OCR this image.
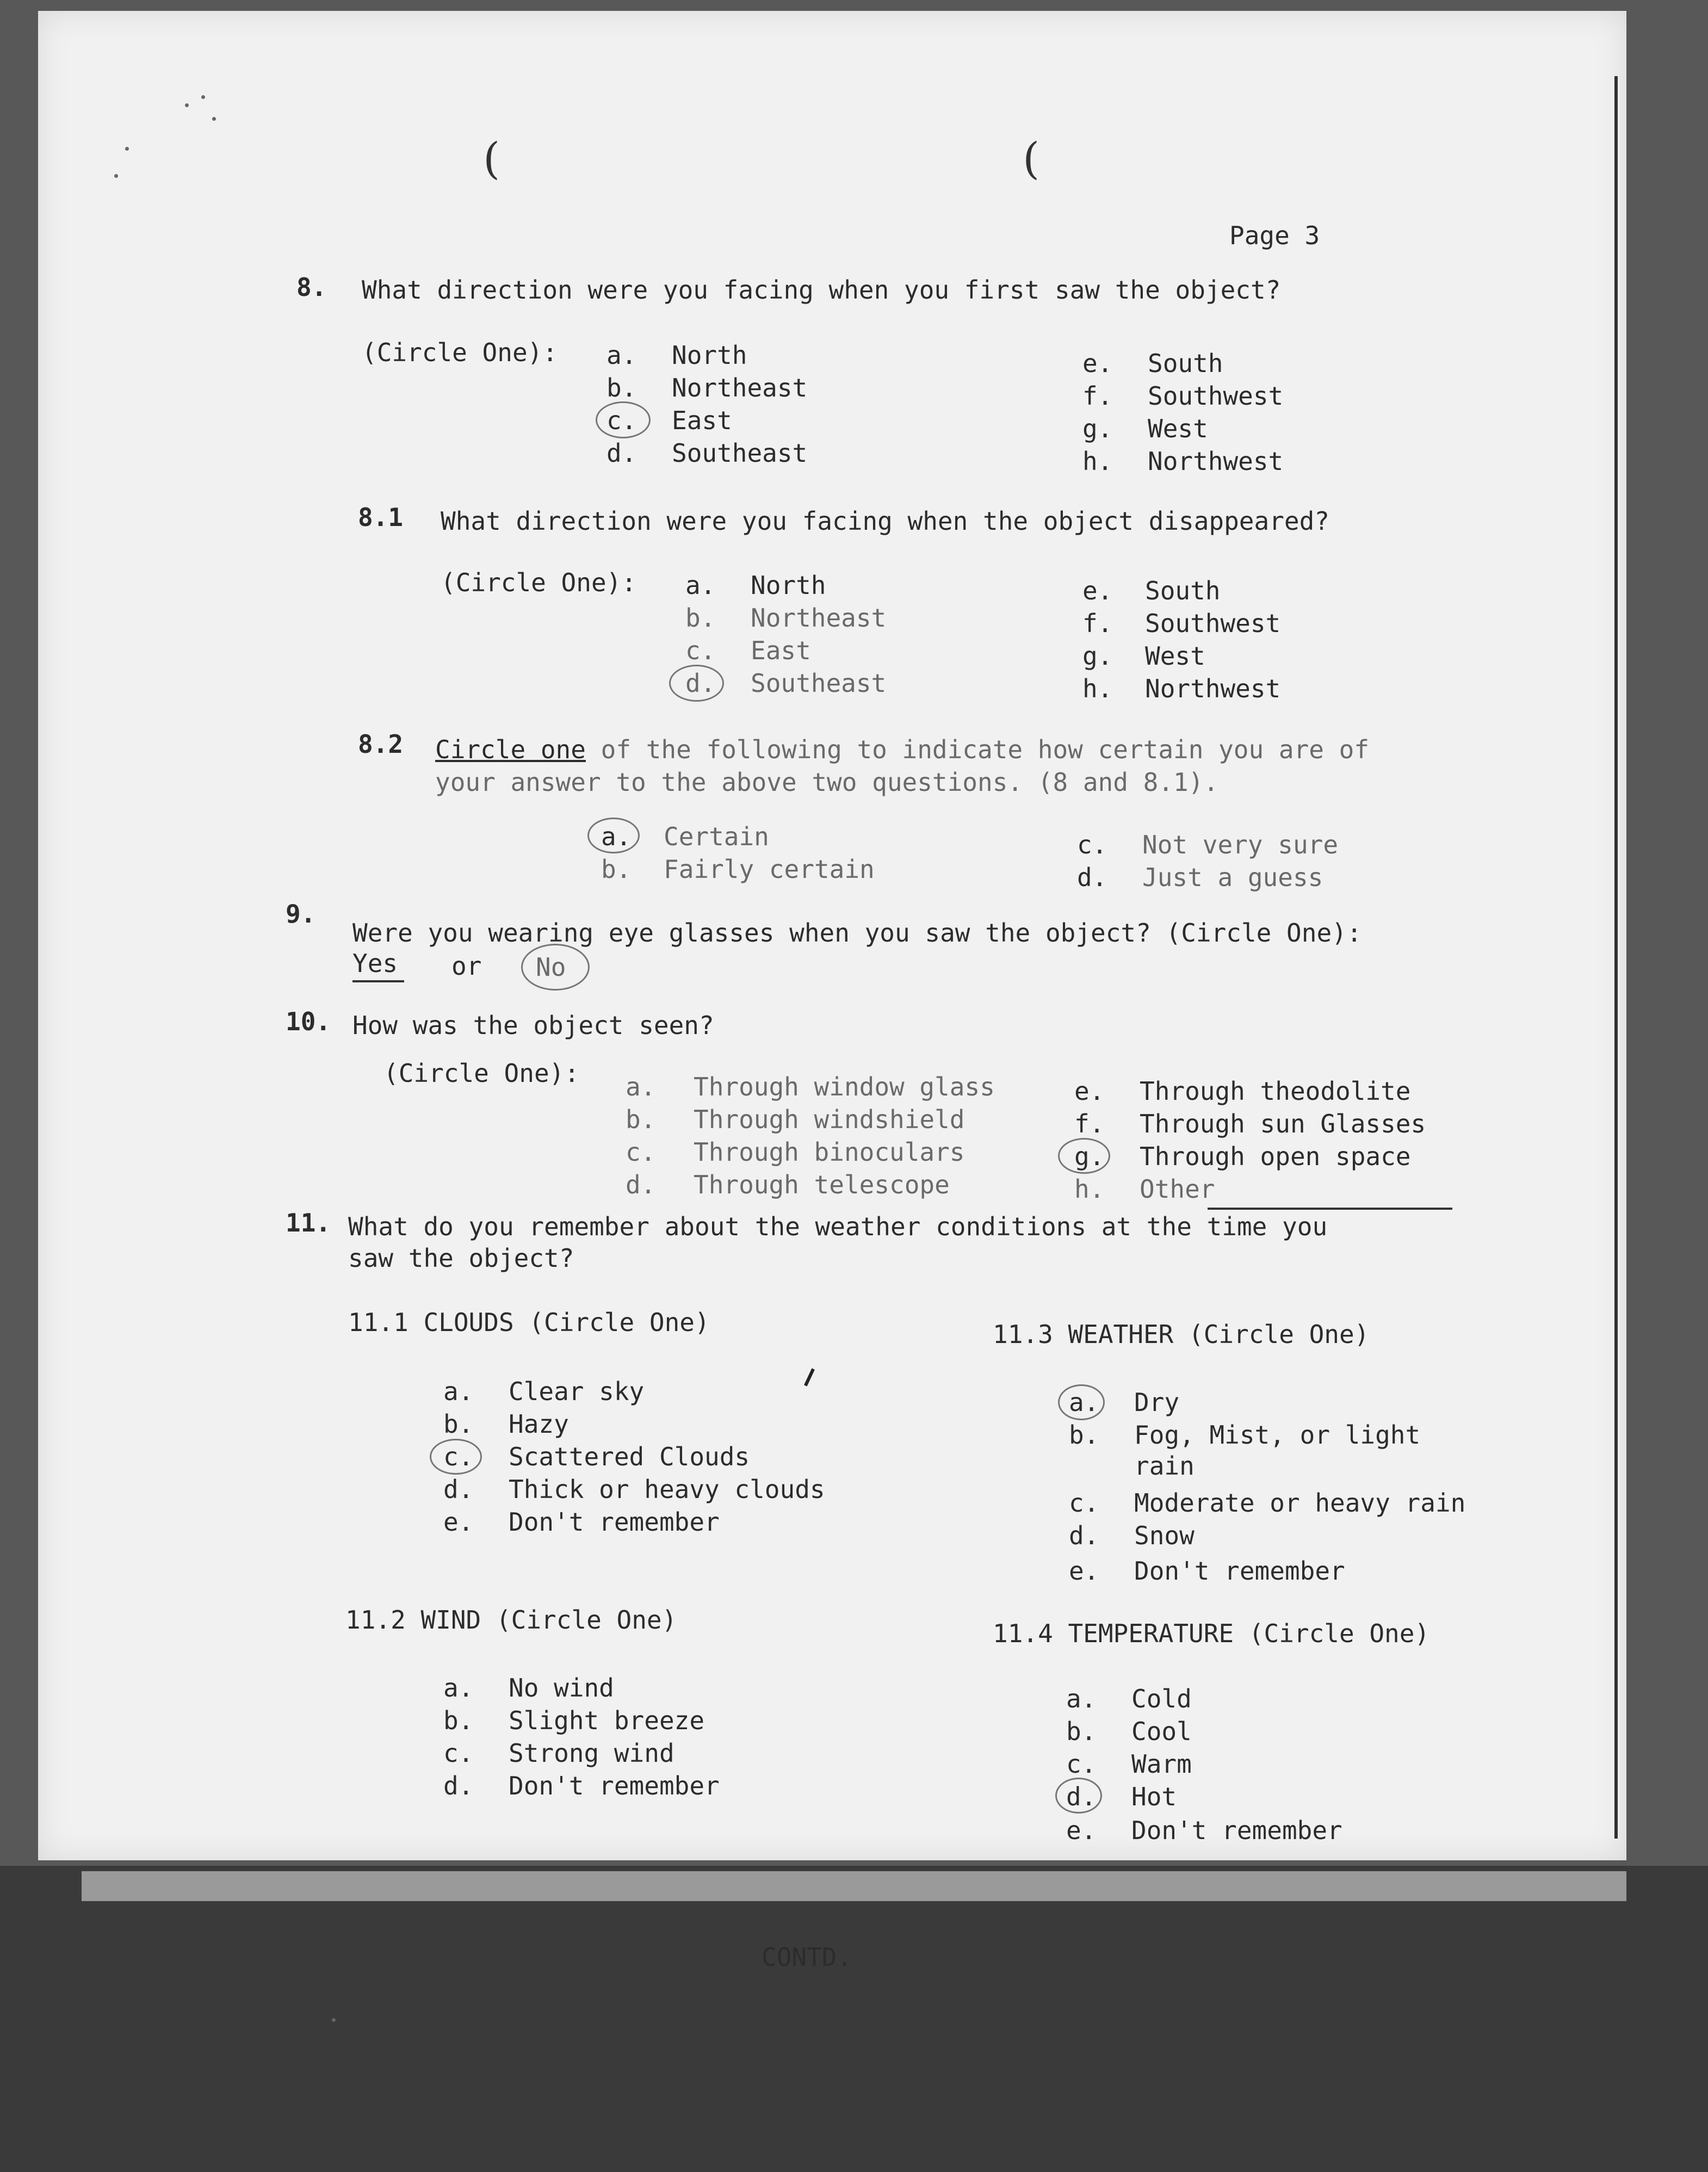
(	(
Page 3
8. What direction were you facing when you first saw the object?
(Circle One): a. North
b. Northeast
c. East
d. Southeast
e. South
f. Southwest
g. West
h. Northwest
8.1 What direction were you facing when the object disappeared?
(Circle One): a. North
b. Northeast
c. East
d. Southeast
e. South
f. Southwest
g. West
h. Northwest
8.2 Circle one of the following to indicate how certain you are of
your answer to the above two questions. (8 and 8.1).
a. Certain
b. Fairly certain
c. Not very sure
d. Just a guess
9.
Were you wearing eye glasses when you saw the object? (Circle One):
Yes or No
10. How was the object seen?
(Circle One): a. Through window glass
b. Through windshield
c. Through binoculars
d. Through telescope
e. Through theodolite
f. Through sun Glasses
g. Through open space
h. Other
11. What do you remember about the weather conditions at the time you
saw the object?
11.1 CLOUDS (Circle One)
a. Clear sky
b. Hazy
c. Scattered Clouds
d. Thick or heavy clouds
e. Don't remember
11.2 WIND (Circle One)
a. No wind
b. Slight breeze
c. Strong wind
d. Don't remember
11.3 WEATHER (Circle One)
a. Dry
b. Fog, Mist, or light
rain
c. Moderate or heavy rain
d. Snow
e. Don't remember
11.4 TEMPERATURE (Circle One)
a. Cold
b. Cool
c. Warm
d. Hot
e. Don't remember
CONTD.
